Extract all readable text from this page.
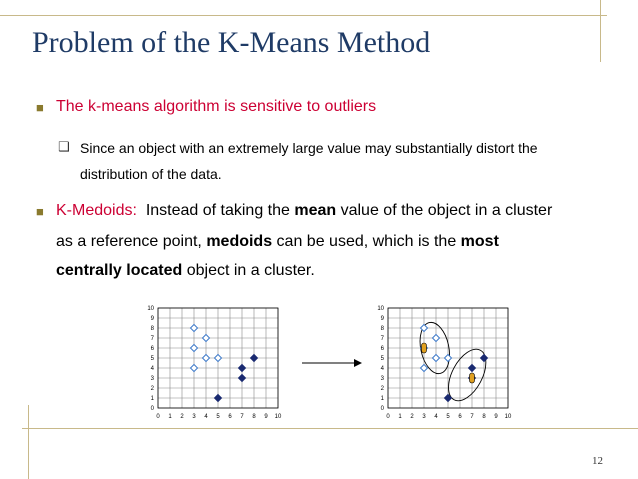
Problem of the K-Means Method
■ The k-means algorithm is sensitive to outliers
❑ Since an object with an extremely large value may substantially distort the
distribution of the data.
■ K-Medoids:  Instead of taking the mean value of the object in a cluster
as a reference point, medoids can be used, which is the most
centrally located object in a cluster.
0 1 2 3 4 5 6 7 8 9 10
0
1
2
3
4
5
6
7
8
9
10
0 1 2 3 4 5 6 7 8 9 10
0
1
2
3
4
5
6
7
8
9
10
12
